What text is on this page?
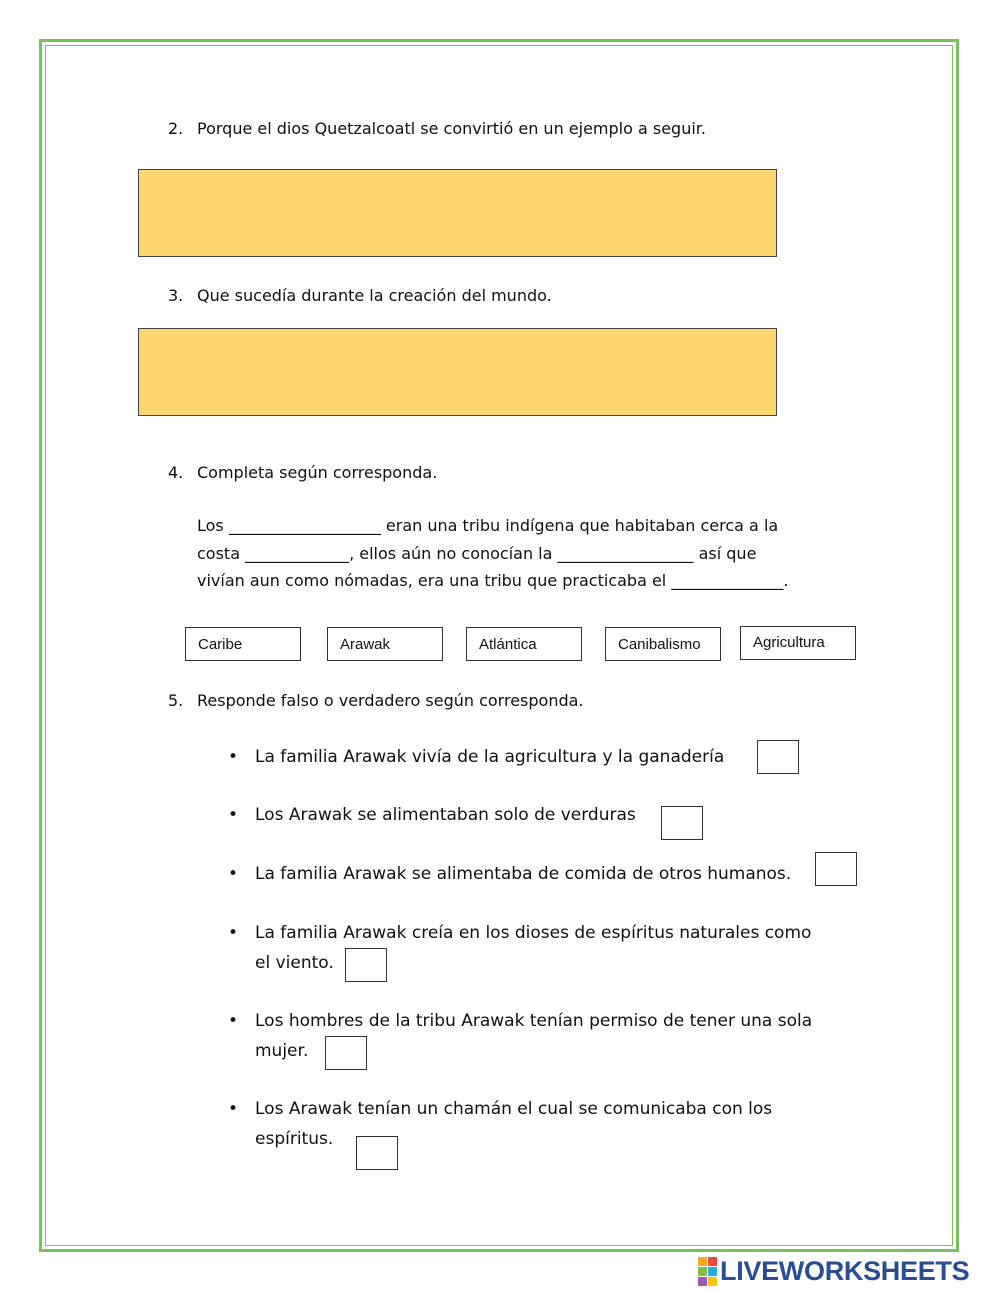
2. Porque el dios Quetzalcoatl se convirtió en un ejemplo a seguir.
3. Que sucedía durante la creación del mundo.
4. Completa según corresponda.
Los ___________________ eran una tribu indígena que habitaban cerca a la
costa _____________, ellos aún no conocían la _________________ así que
vivían aun como nómadas, era una tribu que practicaba el ______________.
Caribe	Arawak	Atlántica	Canibalismo	Agricultura
5. Responde falso o verdadero según corresponda.
• La familia Arawak vivía de la agricultura y la ganadería
• Los Arawak se alimentaban solo de verduras
• La familia Arawak se alimentaba de comida de otros humanos.
• La familia Arawak creía en los dioses de espíritus naturales como
el viento.
• Los hombres de la tribu Arawak tenían permiso de tener una sola
mujer.
• Los Arawak tenían un chamán el cual se comunicaba con los
espíritus.
LIVEWORKSHEETS
